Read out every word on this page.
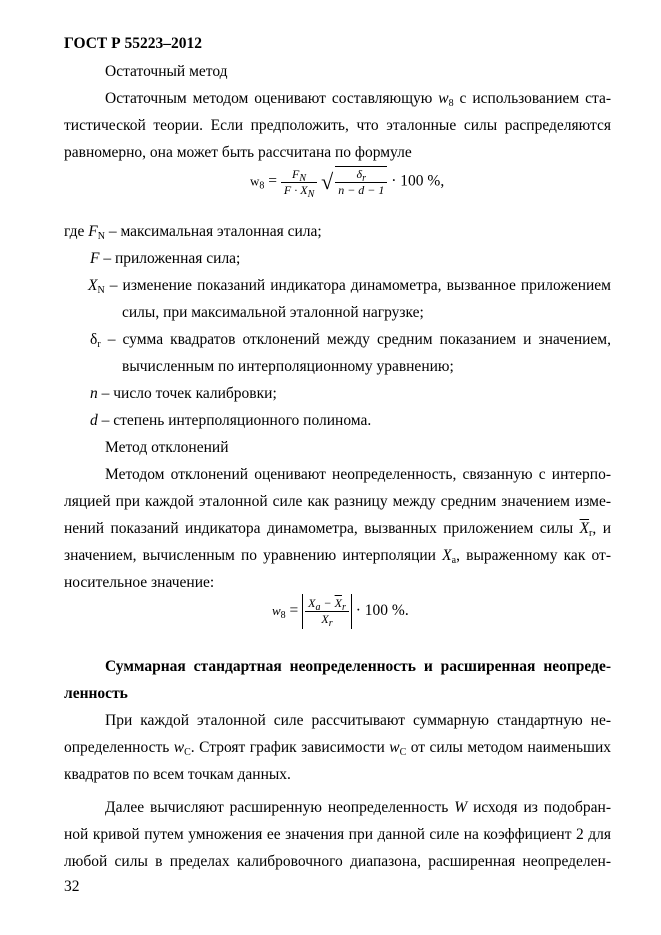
ГОСТ Р 55223–2012
Остаточный метод
Остаточным методом оценивают составляющую $w_8$ с использованием ста-
тистической теории. Если предположить, что эталонные силы распределяются
равномерно, она может быть рассчитана по формуле
$w_8 = \frac{F_N}{F \cdot X_N}$ √ $\frac{\delta_r}{n - d - 1} \cdot 100$ %,
где $F_N$ – максимальная эталонная сила;
F – приложенная сила;
$X_N$ – изменение показаний индикатора динамометра, вызванное приложением
силы, при максимальной эталонной нагрузке;
$\delta_r$ – сумма квадратов отклонений между средним показанием и значением,
вычисленным по интерполяционному уравнению;
n – число точек калибровки;
d – степень интерполяционного полинома.
Метод отклонений
Методом отклонений оценивают неопределенность, связанную с интерпо-
ляцией при каждой эталонной силе как разницу между средним значением изме-
нений показаний индикатора динамометра, вызванных приложением силы $\overline{X}_r$, и
значением, вычисленным по уравнению интерполяции $X_a$, выраженному как от-
носительное значение:
$w_8 = \frac{X_a - \overline{X}_r}{\overline{X}_r} \cdot 100$ %.
Суммарная стандартная неопределенность и расширенная неопреде-
ленность
При каждой эталонной силе рассчитывают суммарную стандартную не-
определенность $w_C$. Строят график зависимости $w_C$ от силы методом наименьших
квадратов по всем точкам данных.
Далее вычисляют расширенную неопределенность W исходя из подобран-
ной кривой путем умножения ее значения при данной силе на коэффициент 2 для
любой силы в пределах калибровочного диапазона, расширенная неопределен-
32
